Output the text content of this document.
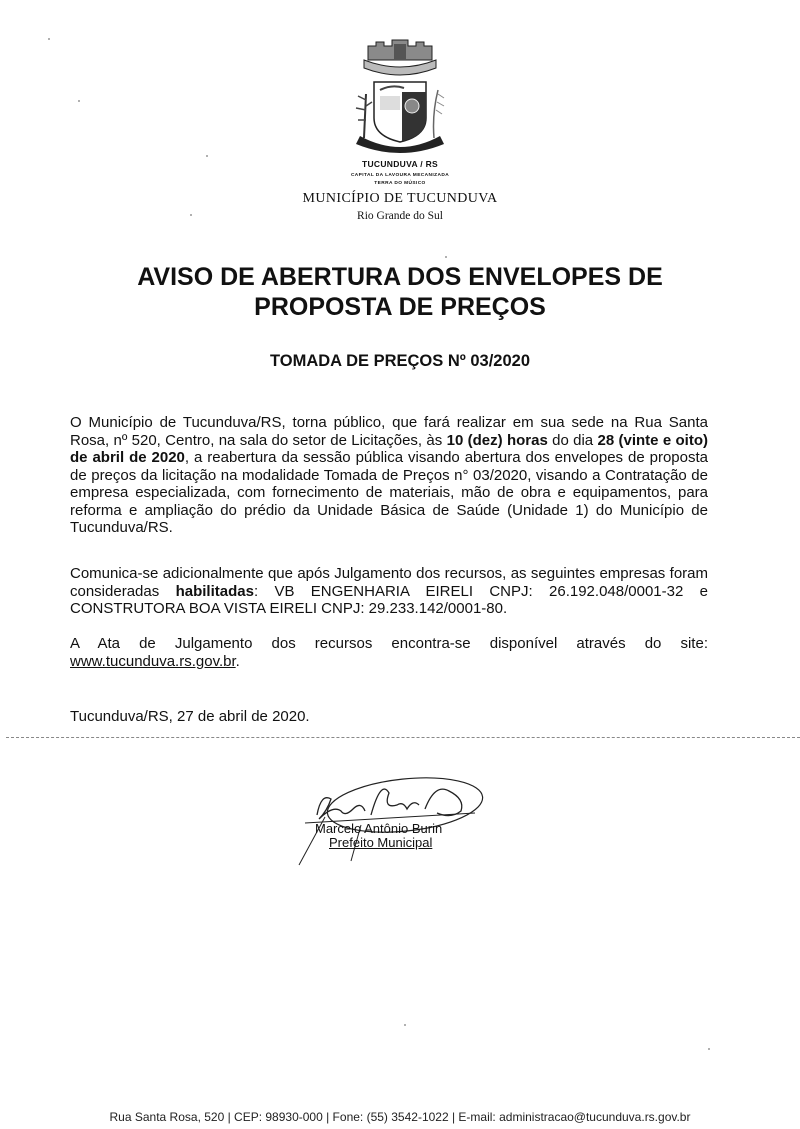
TUCUNDUVA / RS
CAPITAL DA LAVOURA MECANIZADA
TERRA DO MÚSICO
MUNICÍPIO DE TUCUNDUVA
Rio Grande do Sul
AVISO DE ABERTURA DOS ENVELOPES DE
PROPOSTA DE PREÇOS
TOMADA DE PREÇOS Nº 03/2020
O Município de Tucunduva/RS, torna público, que fará realizar em sua sede na Rua Santa Rosa, nº 520, Centro, na sala do setor de Licitações, às 10 (dez) horas do dia 28 (vinte e oito) de abril de 2020, a reabertura da sessão pública visando abertura dos envelopes de proposta de preços da licitação na modalidade Tomada de Preços n° 03/2020, visando a Contratação de empresa especializada, com fornecimento de materiais, mão de obra e equipamentos, para reforma e ampliação do prédio da Unidade Básica de Saúde (Unidade 1) do Município de Tucunduva/RS.
Comunica-se adicionalmente que após Julgamento dos recursos, as seguintes empresas foram consideradas habilitadas: VB ENGENHARIA EIRELI CNPJ: 26.192.048/0001-32 e CONSTRUTORA BOA VISTA EIRELI CNPJ: 29.233.142/0001-80.
A Ata de Julgamento dos recursos encontra-se disponível através do site: www.tucunduva.rs.gov.br.
Tucunduva/RS, 27 de abril de 2020.
Marcelo Antônio Burin
Prefeito Municipal
Rua Santa Rosa, 520 | CEP: 98930-000 | Fone: (55) 3542-1022 | E-mail: administracao@tucunduva.rs.gov.br
